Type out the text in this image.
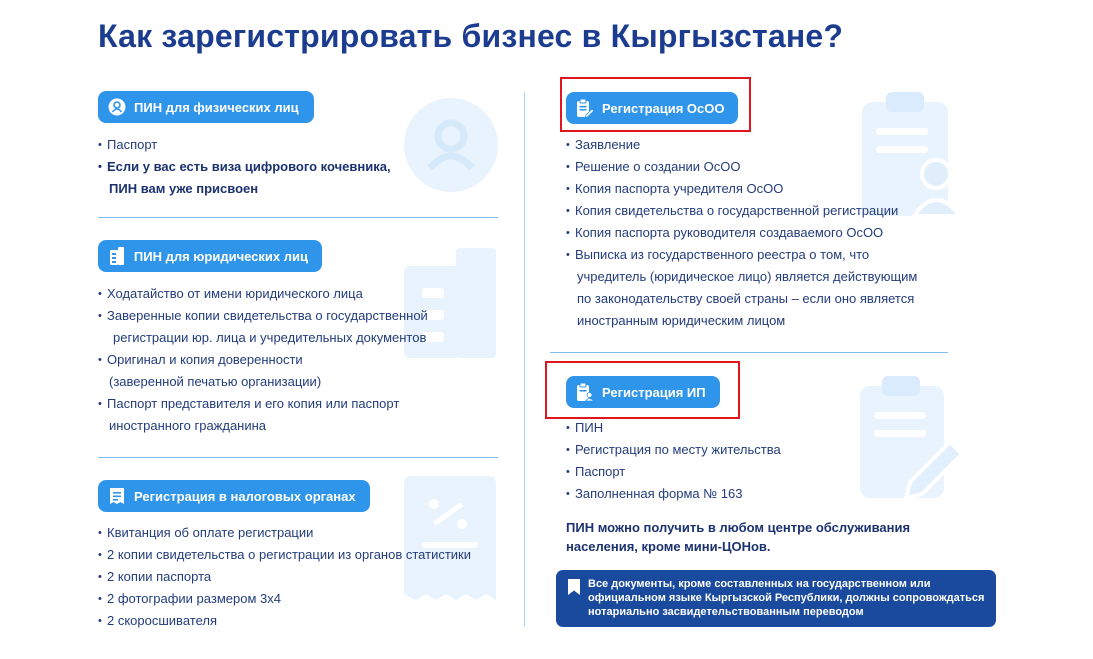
Как зарегистрировать бизнес в Кыргызстане?
ПИН для физических лиц
• Паспорт
• Если у вас есть виза цифрового кочевника,
ПИН вам уже присвоен
ПИН для юридических лиц
• Ходатайство от имени юридического лица
• Заверенные копии свидетельства о государственной
регистрации юр. лица и учредительных документов
• Оригинал и копия доверенности
(заверенной печатью организации)
• Паспорт представителя и его копия или паспорт
иностранного гражданина
Регистрация в налоговых органах
• Квитанция об оплате регистрации
• 2 копии свидетельства о регистрации из органов статистики
• 2 копии паспорта
• 2 фотографии размером 3x4
• 2 скоросшивателя
Регистрация ОсОО
• Заявление
• Решение о создании ОсОО
• Копия паспорта учредителя ОсОО
• Копия свидетельства о государственной регистрации
• Копия паспорта руководителя создаваемого ОсОО
• Выписка из государственного реестра о том, что
учредитель (юридическое лицо) является действующим
по законодательству своей страны – если оно является
иностранным юридическим лицом
Регистрация ИП
• ПИН
• Регистрация по месту жительства
• Паспорт
• Заполненная форма № 163
ПИН можно получить в любом центре обслуживания
населения, кроме мини-ЦОНов.
Все документы, кроме составленных на государственном или
официальном языке Кыргызской Республики, должны сопровождаться
нотариально засвидетельствованным переводом
